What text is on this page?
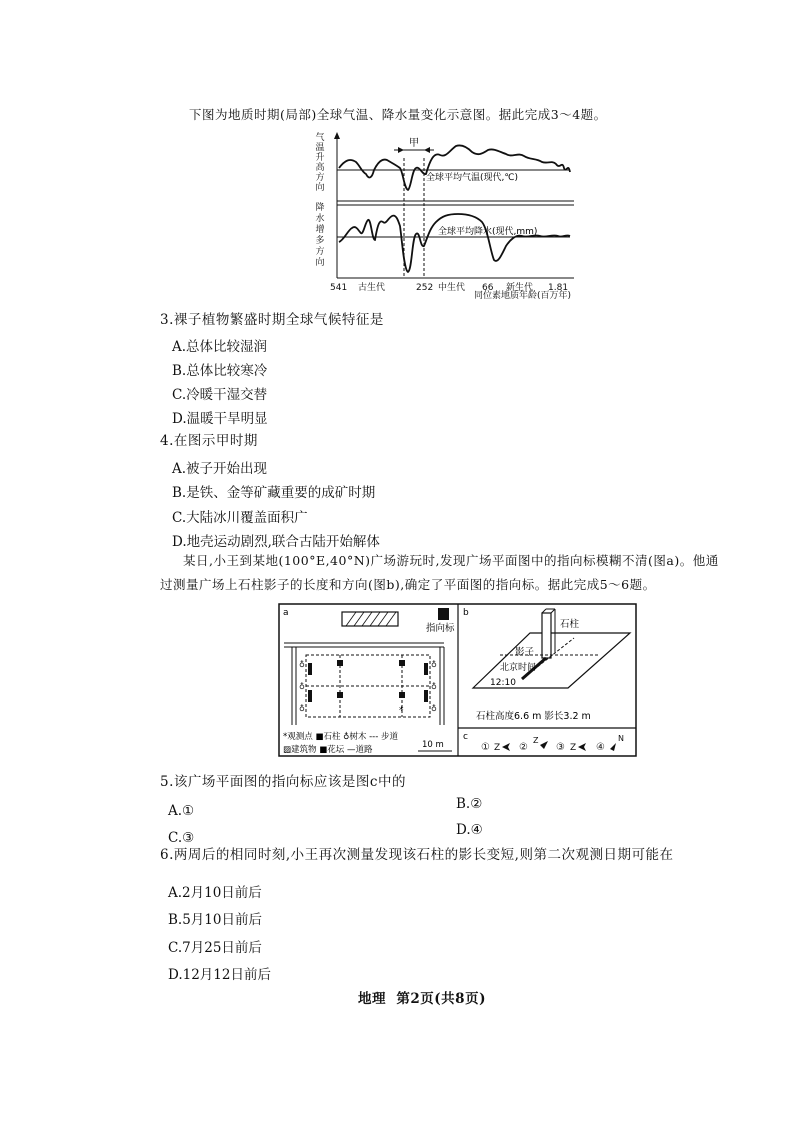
下图为地质时期(局部)全球气温、降水量变化示意图。据此完成3～4题。
气
温
升
高
方
向
降
水
增
多
方
向
甲
全球平均气温(现代,℃)
全球平均降水(现代,mm)
541 古生代	252 中生代 66 新生代 1.81
同位素地质年龄(百万年)
3.裸子植物繁盛时期全球气候特征是
A.总体比较湿润
B.总体比较寒冷
C.冷暖干湿交替
D.温暖干旱明显
4.在图示甲时期
A.被子开始出现
B.是铁、金等矿藏重要的成矿时期
C.大陆冰川覆盖面积广
D.地壳运动剧烈,联合古陆开始解体
某日,小王到某地(100°E,40°N)广场游玩时,发现广场平面图中的指向标模糊不清(图a)。他通
过测量广场上石柱影子的长度和方向(图b),确定了平面图的指向标。据此完成5～6题。
a
指向标
♁
♁
♁
♁
♁
♁
*
*观测点 ■石柱 ♁树木 --- 步道
▨建筑物 ■花坛 —道路	10 m
b
石柱
影子
北京时间
12:10
石柱高度6.6 m 影长3.2 m
c
① Z ②
Z
③ Z ④
N
5.该广场平面图的指向标应该是图c中的
A.①	B.②
C.③	D.④
6.两周后的相同时刻,小王再次测量发现该石柱的影长变短,则第二次观测日期可能在
A.2月10日前后
B.5月10日前后
C.7月25日前后
D.12月12日前后
地理  第2页(共8页)
